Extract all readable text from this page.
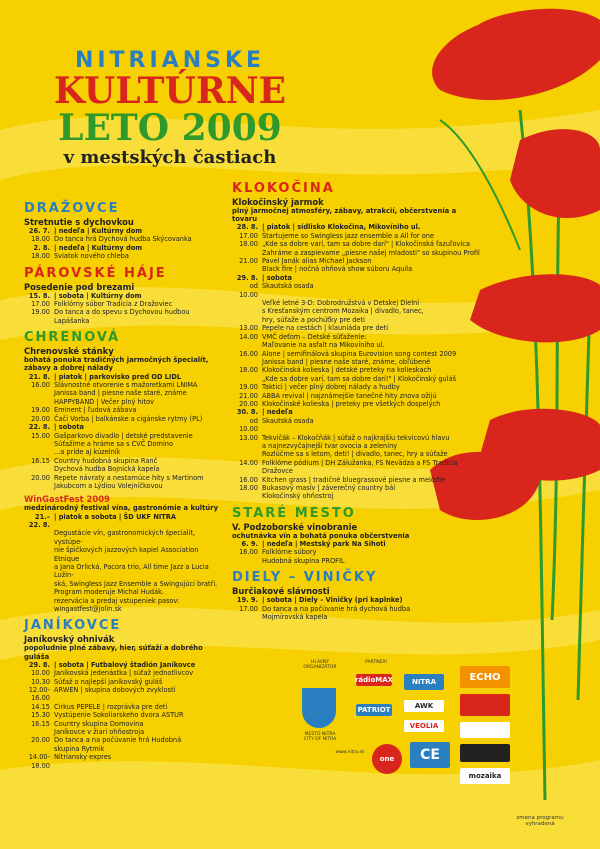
NITRIANSKE
KULTÚRNE
LETO 2009
v mestských častiach
DRAŽOVCE
Stretnutie s dychovkou
26. 7. | nedeľa | Kultúrny dom
18.00 Do tanca hrá Dychová hudba Skýcovanka
2. 8. | nedeľa | Kultúrny dom
18.00 Sviatok nového chleba
PÁROVSKÉ HÁJE
Posedenie pod brezami
15. 8. | sobota | Kultúrny dom
17.00 Folklórny súbor Tradícia z Dražoviec
19.00 Do tanca a do spevu s Dychovou hudbou
Lapášanka
CHRENOVÁ
Chrenovské stánky
bohatá ponuka tradičných jarmočných špecialít, zábavy a dobrej nálady
21. 8. | piatok | parkovisko pred OD LIDL
16.00 Slávnostné otvorenie s mažoretkami LNIMA
Janissa band | piesne naše staré, známe
HAPPYBAND | Večer plný hitov
19.00 Eminent | ľudová zábava
20.00 Čači Vorba | balkánske a cigánske rytmy (PL)
22. 8. | sobota
15.00 Gašparkovo divadlo | detské predstavenie
Súťažíme a hráme sa s CVČ Domino
...a príde aj kúzelník
16.15 Country hudobná skupina Ranč
Dychová hudba Bojnická kapela
20.00 Repete návraty a nestarnúce hity s Martinom
Jakubcom a Lýdiou Volejníčkovou
WinGastFest 2009
medzinárodný festival vína, gastronómie a kultúry
21.–22. 8.
| piatok a sobota | ŠD UKF NITRA
Degustácie vín, gastronomických špecialít, vystúpe-
nie špičkových jazzových kapiel Association Etnique
a Jana Orlická, Pacora trio, All time Jazz a Lucia Lužin-
ská, Swingless Jazz Ensemble a Swingujúci bratři.
Program moderuje Michal Hudák.
rezervácia a predaj vstupeniek pasov: wingastfest@jolin.sk
JANÍKOVCE
Janíkovský ohnivák
popoludnie plné zábavy, hier, súťaží a dobrého guláša
29. 8. | sobota | Futbalový štadión Janíkovce
10.00 Janíkovská jedenástka | súťaž jednotlivcov
10.30 Súťaž o najlepší janíkovský guláš
12.00-16.00
ARWEN | skupina dobových zvyklostí
14.15 Cirkus PEPELE | rozprávka pre deti
15.30 Vystúpenie Sokoliarskeho dvora ASTUR
16.15 Country skupina Domovina
Janíkovce v žiari ohňostroja
20.00 Do tanca a na počúvanie hrá Hudobná
skupina Rytmik
14.00-18.00
Nitriansky expres
KLOKOČINA
Klokočinský jarmok
plný jarmočnej atmosféry, zábavy, atrakcií, občerstvenia a tovaru
28. 8. | piatok | sídlisko Klokočina, Mikovíniho ul.
17.00 Štartujeme so Swingless jazz ensemble a All for one
18.00 „Kde sa dobre varí, tam sa dobre darí" | Klokočinská fazuľovica
Zahráme a zaspievame „piesne našej mladosti" so skupinou Profil
21.00 Pavel Janák alias Michael Jackson
Black fire | nočná ohňová show súboru Aquila
29. 8. | sobota
od 10.00
Skautská osada
Veľké letné 3-D: Dobrodružstvá v Detskej Dielni
s Kresťanským centrom Mozaika | divadlo, tanec,
hry, súťaže a pochúťky pre deti
13.00 Pepele na cestách | klauniáda pre deti
14.00 VMČ deťom – Detské súťaženie:
Maľovanie na asfalt na Mikovíniho ul.
16.00 Alone | semifinálová skupina Eurovision song contest 2009
Janissa band | piesne naše staré, známe, obľúbené
18.00 Klokočinská kolieska | detské preteky na kolieskach
„Kde sa dobre varí, tam sa dobre darí!" | Klokočinský guláš
19.00 Taktici | večer plný dobrej nálady a hudby
21.00 ABBA revival | najznámejšie tanečné hity znova ožijú
20.00 Klokočinské kolieska | preteky pre všetkých dospelých
30. 8. | nedeľa
od 10.00
Skautská osada
13.00 Tekvičák – Klokočňák | súťaž o najkrajšiu tekvicovú hlavu
a najnezvyčajnejší tvar ovocia a zeleniny
Rozlúčme sa s letom, deti! | divadlo, tanec, hry a súťaže
14.00 Folklórne pódium | DH Zálužanka, FS Nevädza a FS Tradícia Dražovce
16.00 Kitchen grass | tradičné bluegrassové piesne a melódie
18.00 Bukasový masív | záverečný country bál
Klokočinský ohňostroj
STARÉ MESTO
V. Podzoborské vinobranie
ochutnávka vín a bohatá ponuka občerstvenia
6. 9. | nedeľa | Mestský park Na Sihoti
16.00 Folklórne súbory
Hudobná skupina PROFIL
DIELY – VINIČKY
Burčiakové slávnosti
19. 9. | sobota | Diely – Viničky (pri kaplnke)
17.00 Do tanca a na počúvanie hrá dychová hudba
Mojmírovská kapela
HLAVNÝ ORGANIZÁTOR
PARTNERI
MESTO NITRA CITY OF NITRA
www.nitra.sk
rádioMAX	NITRA	ECHO
PATRIOT	AWK
VEOLIA
one	CE
mozaika
zmena programu vyhradená
